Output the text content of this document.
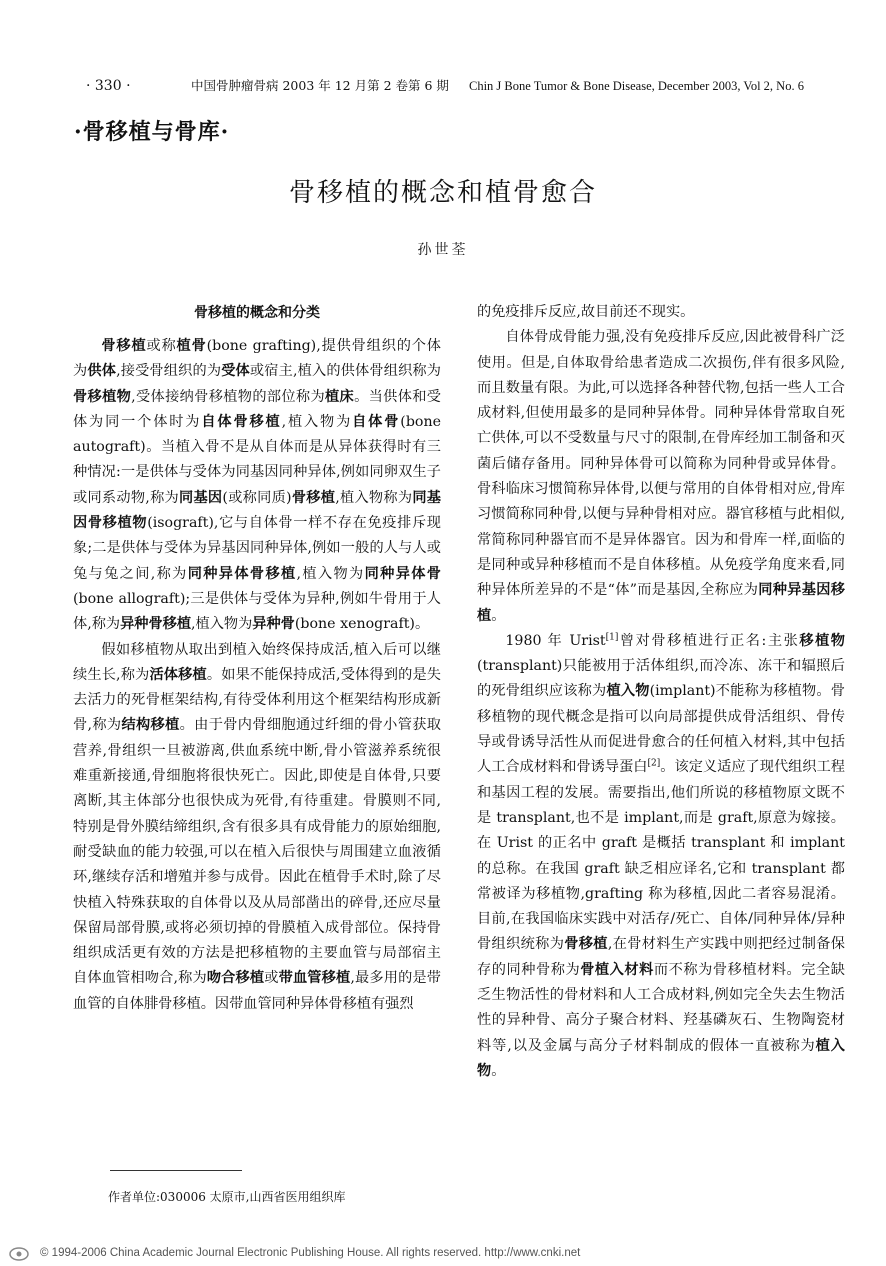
· 330 ·	中国骨肿瘤骨病 2003 年 12 月第 2 卷第 6 期 Chin J Bone Tumor & Bone Disease, December 2003, Vol 2, No. 6
·骨移植与骨库·
骨移植的概念和植骨愈合
孙世荃

骨移植的概念和分类

骨移植或称植骨(bone grafting),提供骨组织的个体为供体,接受骨组织的为受体或宿主,植入的供体骨组织称为骨移植物,受体接纳骨移植物的部位称为植床。当供体和受体为同一个体时为自体骨移植,植入物为自体骨(bone autograft)。当植入骨不是从自体而是从异体获得时有三种情况:一是供体与受体为同基因同种异体,例如同卵双生子或同系动物,称为同基因(或称同质)骨移植,植入物称为同基因骨移植物(isograft),它与自体骨一样不存在免疫排斥现象;二是供体与受体为异基因同种异体,例如一般的人与人或兔与兔之间,称为同种异体骨移植,植入物为同种异体骨(bone allograft);三是供体与受体为异种,例如牛骨用于人体,称为异种骨移植,植入物为异种骨(bone xenograft)。

假如移植物从取出到植入始终保持成活,植入后可以继续生长,称为活体移植。如果不能保持成活,受体得到的是失去活力的死骨框架结构,有待受体利用这个框架结构形成新骨,称为结构移植。由于骨内骨细胞通过纤细的骨小管获取营养,骨组织一旦被游离,供血系统中断,骨小管滋养系统很难重新接通,骨细胞将很快死亡。因此,即使是自体骨,只要离断,其主体部分也很快成为死骨,有待重建。骨膜则不同,特别是骨外膜结缔组织,含有很多具有成骨能力的原始细胞,耐受缺血的能力较强,可以在植入后很快与周围建立血液循环,继续存活和增殖并参与成骨。因此在植骨手术时,除了尽快植入特殊获取的自体骨以及从局部凿出的碎骨,还应尽量保留局部骨膜,或将必须切掉的骨膜植入成骨部位。保持骨组织成活更有效的方法是把移植物的主要血管与局部宿主自体血管相吻合,称为吻合移植或带血管移植,最多用的是带血管的自体腓骨移植。因带血管同种异体骨移植有强烈

的免疫排斥反应,故目前还不现实。

自体骨成骨能力强,没有免疫排斥反应,因此被骨科广泛使用。但是,自体取骨给患者造成二次损伤,伴有很多风险,而且数量有限。为此,可以选择各种替代物,包括一些人工合成材料,但使用最多的是同种异体骨。同种异体骨常取自死亡供体,可以不受数量与尺寸的限制,在骨库经加工制备和灭菌后储存备用。同种异体骨可以简称为同种骨或异体骨。骨科临床习惯简称异体骨,以便与常用的自体骨相对应,骨库习惯简称同种骨,以便与异种骨相对应。器官移植与此相似,常简称同种器官而不是异体器官。因为和骨库一样,面临的是同种或异种移植而不是自体移植。从免疫学角度来看,同种异体所差异的不是“体”而是基因,全称应为同种异基因移植。

1980 年 Urist[1]曾对骨移植进行正名:主张移植物(transplant)只能被用于活体组织,而冷冻、冻干和辐照后的死骨组织应该称为植入物(implant)不能称为移植物。骨移植物的现代概念是指可以向局部提供成骨活组织、骨传导或骨诱导活性从而促进骨愈合的任何植入材料,其中包括人工合成材料和骨诱导蛋白[2]。该定义适应了现代组织工程和基因工程的发展。需要指出,他们所说的移植物原文既不是 transplant,也不是 implant,而是 graft,原意为嫁接。在 Urist 的正名中 graft 是概括 transplant 和 implant 的总称。在我国 graft 缺乏相应译名,它和 transplant 都常被译为移植物,grafting 称为移植,因此二者容易混淆。目前,在我国临床实践中对活存/死亡、自体/同种异体/异种骨组织统称为骨移植,在骨材料生产实践中则把经过制备保存的同种骨称为骨植入材料而不称为骨移植材料。完全缺乏生物活性的骨材料和人工合成材料,例如完全失去生物活性的异种骨、高分子聚合材料、羟基磷灰石、生物陶瓷材料等,以及金属与高分子材料制成的假体一直被称为植入物。

作者单位:030006 太原市,山西省医用组织库
© 1994-2006 China Academic Journal Electronic Publishing House. All rights reserved. http://www.cnki.net
